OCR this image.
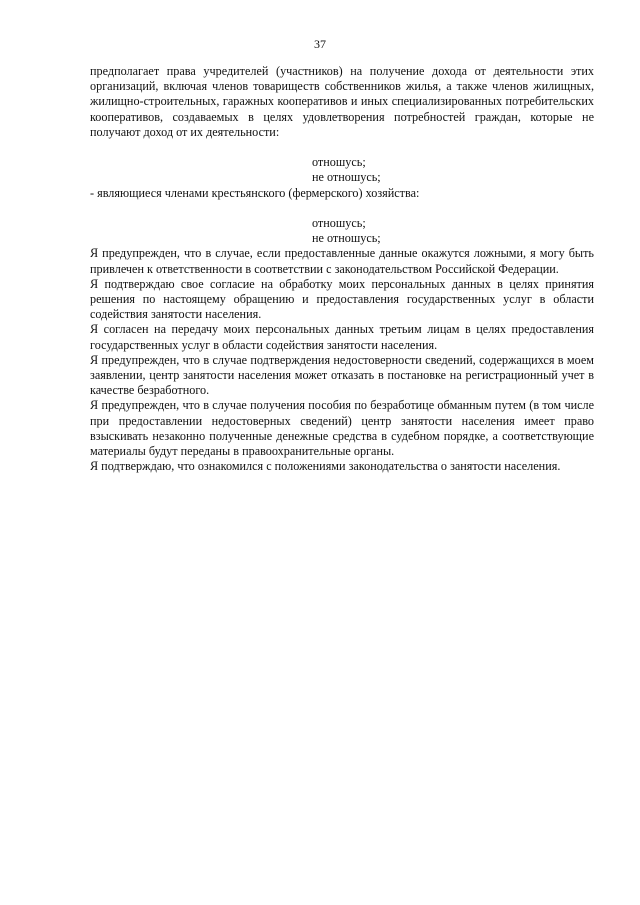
37

предполагает права учредителей (участников) на получение дохода от деятельности этих организаций, включая членов товариществ собственников жилья, а также членов жилищных, жилищно-строительных, гаражных кооперативов и иных специализированных потребительских кооперативов, создаваемых в целях удовлетворения потребностей граждан, которые не получают доход от их деятельности:

отношусь;

не отношусь;

- являющиеся членами крестьянского (фермерского) хозяйства:

отношусь;

не отношусь;

Я предупрежден, что в случае, если предоставленные данные окажутся ложными, я могу быть привлечен к ответственности в соответствии с законодательством Российской Федерации.

Я подтверждаю свое согласие на обработку моих персональных данных в целях принятия решения по настоящему обращению и предоставления государственных услуг в области содействия занятости населения.

Я согласен на передачу моих персональных данных третьим лицам в целях предоставления государственных услуг в области содействия занятости населения.

Я предупрежден, что в случае подтверждения недостоверности сведений, содержащихся в моем заявлении, центр занятости населения может отказать в постановке на регистрационный учет в качестве безработного.

Я предупрежден, что в случае получения пособия по безработице обманным путем (в том числе при предоставлении недостоверных сведений) центр занятости населения имеет право взыскивать незаконно полученные денежные средства в судебном порядке, а соответствующие материалы будут переданы в правоохранительные органы.

Я подтверждаю, что ознакомился с положениями законодательства о занятости населения.
